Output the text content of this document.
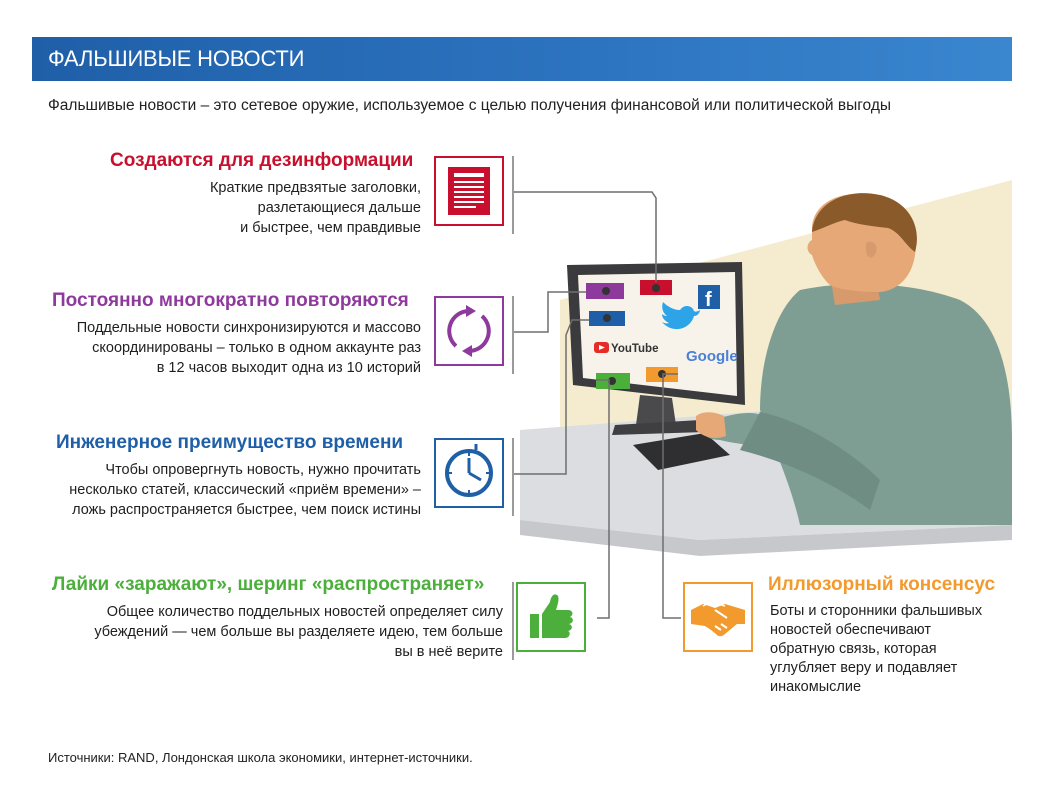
ФАЛЬШИВЫЕ НОВОСТИ
Фальшивые новости – это сетевое оружие, используемое с целью получения финансовой или политической выгоды
f
YouTube Google
Создаются для дезинформации
Краткие предвзятые заголовки,
разлетающиеся дальше
и быстрее, чем правдивые
Постоянно многократно повторяются
Поддельные новости синхронизируются и массово
скоординированы – только в одном аккаунте раз
в 12 часов выходит одна из 10 историй
Инженерное преимущество времени
Чтобы опровергнуть новость, нужно прочитать
несколько статей, классический «приём времени» –
ложь распространяется быстрее, чем поиск истины
Лайки «заражают», шеринг «распространяет»
Общее количество поддельных новостей определяет силу
убеждений — чем больше вы разделяете идею, тем больше
вы в неё верите
Иллюзорный консенсус
Боты и сторонники фальшивых
новостей обеспечивают
обратную связь, которая
углубляет веру и подавляет
инакомыслие
Источники: RAND, Лондонская школа экономики, интернет-источники.
